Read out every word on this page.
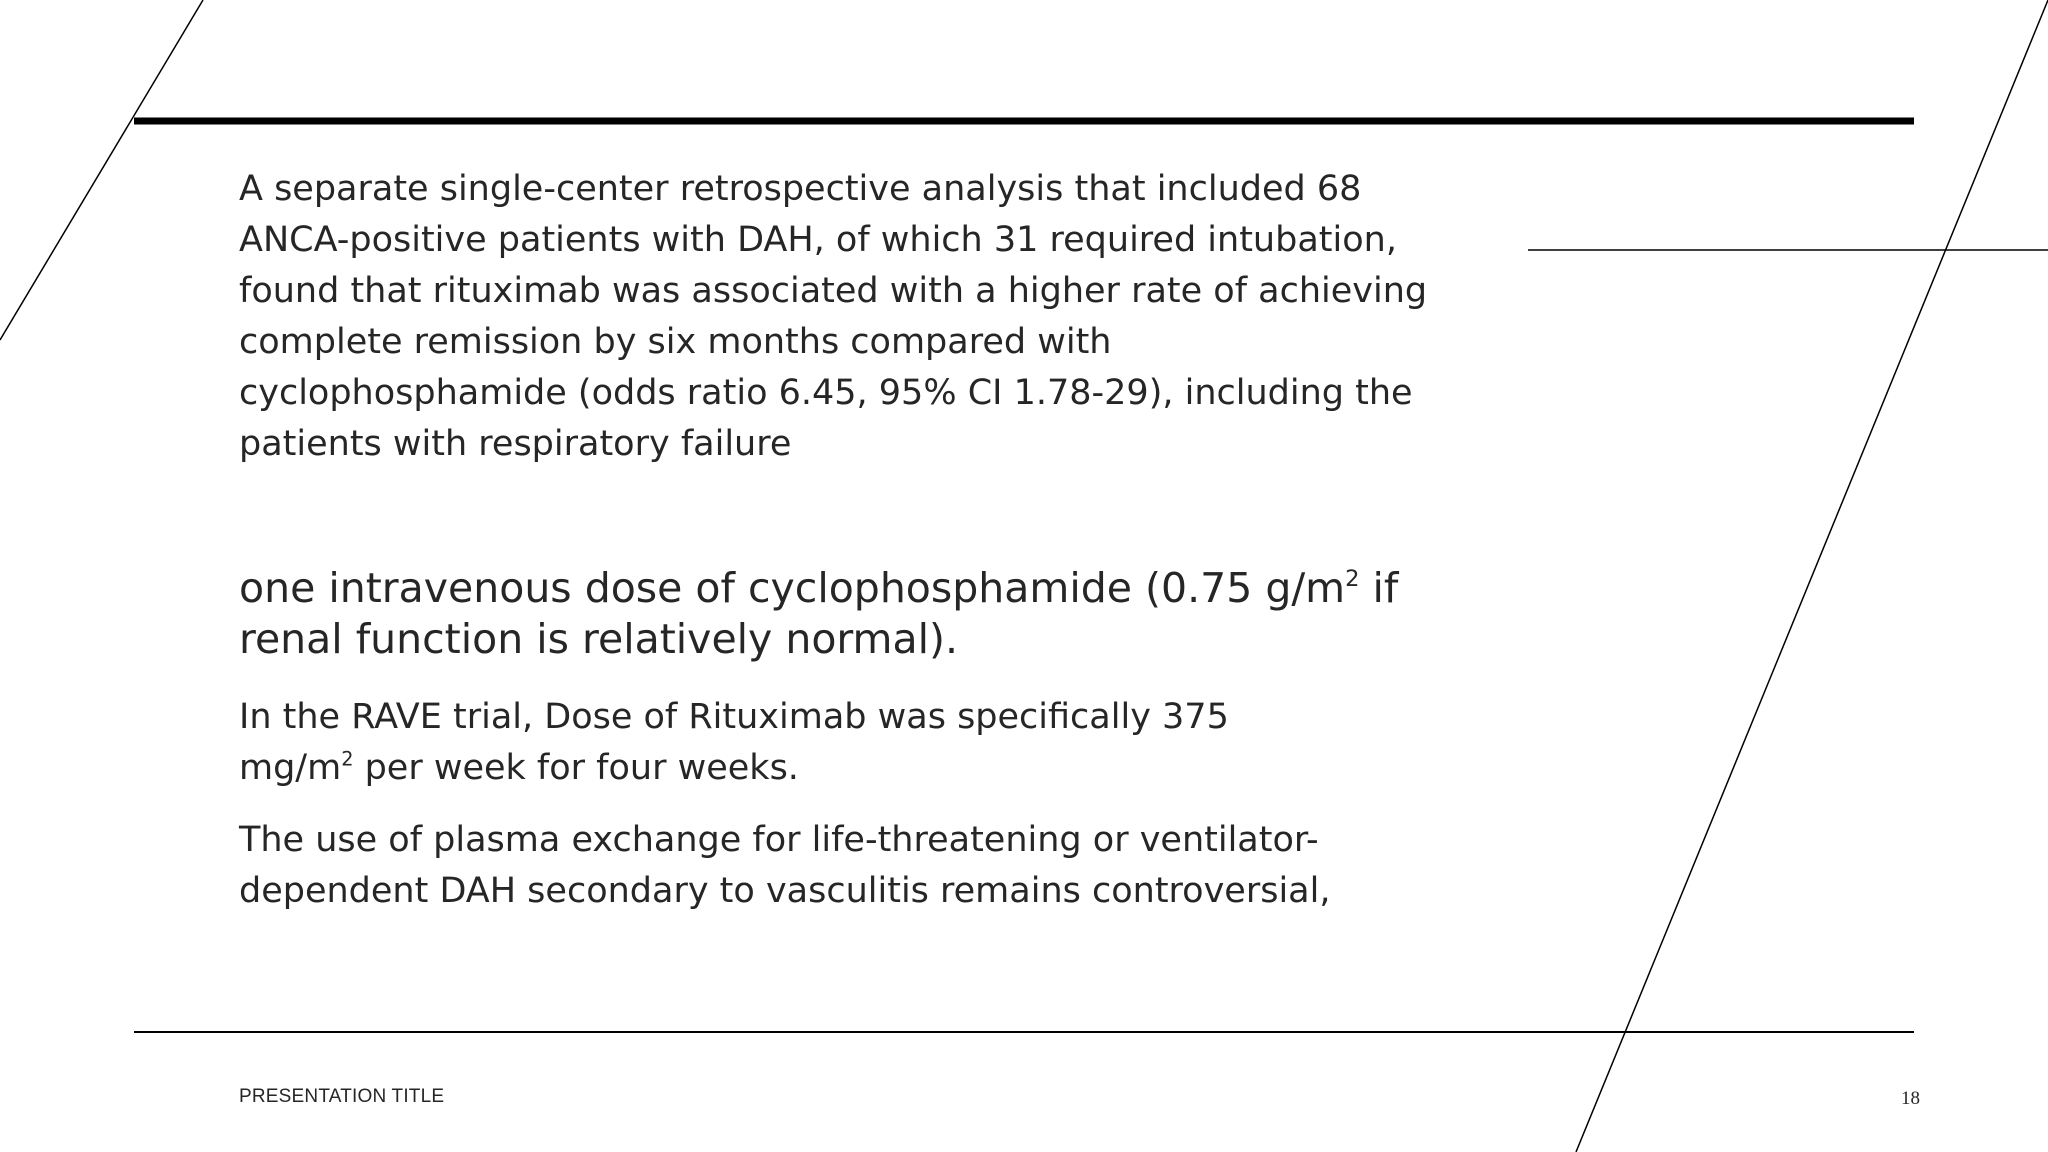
A separate single-center retrospective analysis that included 68 ANCA-positive patients with DAH, of which 31 required intubation, found that rituximab was associated with a higher rate of achieving complete remission by six months compared with cyclophosphamide (odds ratio 6.45, 95% CI 1.78-29), including the patients with respiratory failure

one intravenous dose of cyclophosphamide (0.75 $g/m^2$ if renal function is relatively normal).

In the RAVE trial, Dose of Rituximab was specifically 375 $mg/m^2$ per week for four weeks.

The use of plasma exchange for life-threatening or ventilator-dependent DAH secondary to vasculitis remains controversial,

PRESENTATION TITLE	18
